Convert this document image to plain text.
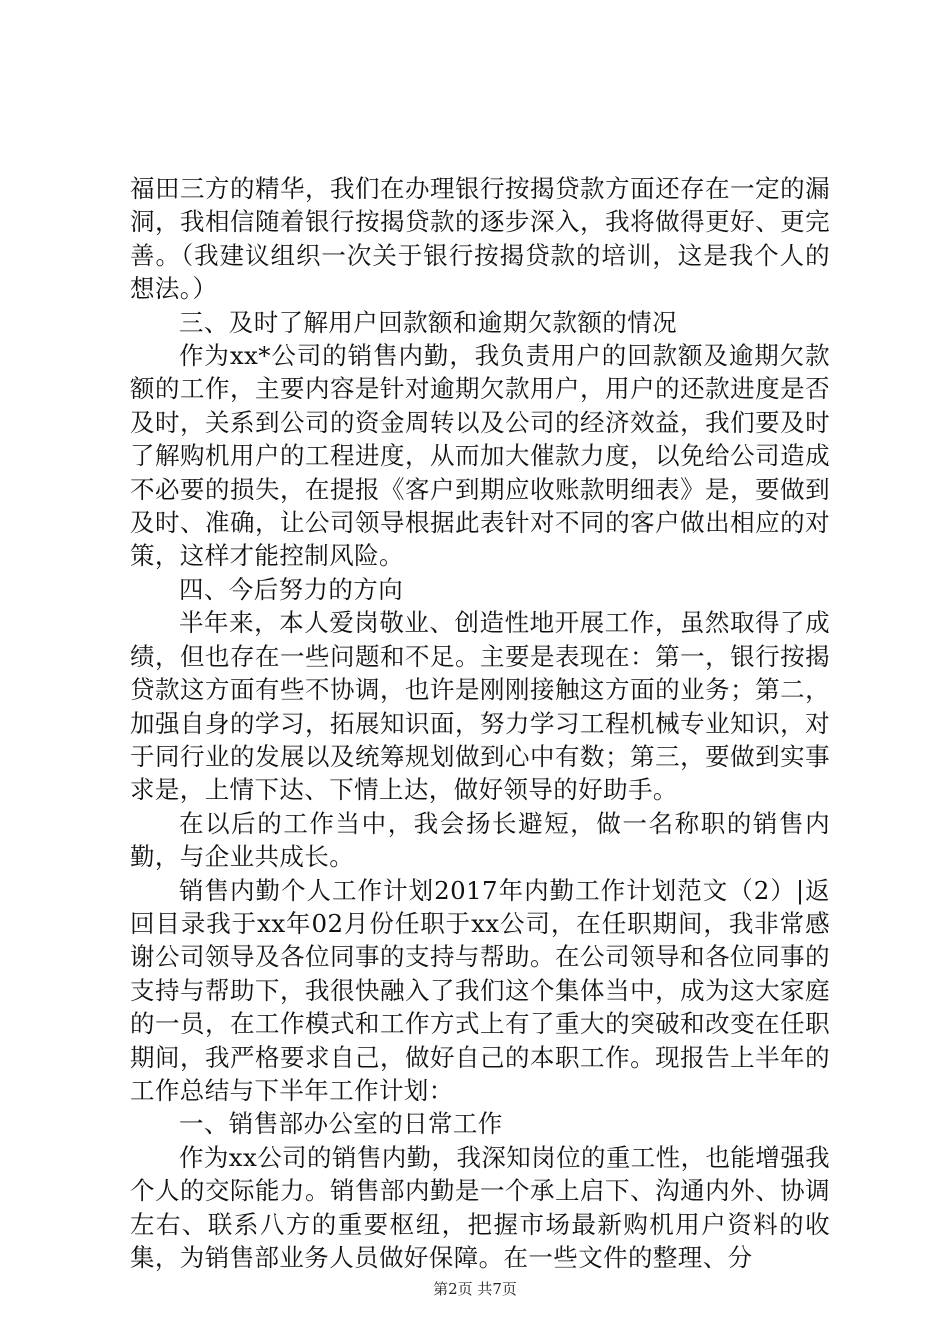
福田三方的精华，我们在办理银行按揭贷款方面还存在一定的漏洞，我相信随着银行按揭贷款的逐步深入，我将做得更好、更完善。（我建议组织一次关于银行按揭贷款的培训，这是我个人的想法。）

三、及时了解用户回款额和逾期欠款额的情况

作为xx*公司的销售内勤，我负责用户的回款额及逾期欠款额的工作，主要内容是针对逾期欠款用户，用户的还款进度是否及时，关系到公司的资金周转以及公司的经济效益，我们要及时了解购机用户的工程进度，从而加大催款力度，以免给公司造成不必要的损失，在提报《客户到期应收账款明细表》是，要做到及时、准确，让公司领导根据此表针对不同的客户做出相应的对策，这样才能控制风险。

四、今后努力的方向

半年来，本人爱岗敬业、创造性地开展工作，虽然取得了成绩，但也存在一些问题和不足。主要是表现在：第一，银行按揭贷款这方面有些不协调，也许是刚刚接触这方面的业务；第二，加强自身的学习，拓展知识面，努力学习工程机械专业知识，对于同行业的发展以及统筹规划做到心中有数；第三，要做到实事求是，上情下达、下情上达，做好领导的好助手。

在以后的工作当中，我会扬长避短，做一名称职的销售内勤，与企业共成长。

销售内勤个人工作计划2017年内勤工作计划范文（2）|返回目录我于xx年02月份任职于xx公司，在任职期间，我非常感谢公司领导及各位同事的支持与帮助。在公司领导和各位同事的支持与帮助下，我很快融入了我们这个集体当中，成为这大家庭的一员，在工作模式和工作方式上有了重大的突破和改变在任职期间，我严格要求自己，做好自己的本职工作。现报告上半年的工作总结与下半年工作计划：

一、销售部办公室的日常工作

作为xx公司的销售内勤，我深知岗位的重工性，也能增强我个人的交际能力。销售部内勤是一个承上启下、沟通内外、协调左右、联系八方的重要枢纽，把握市场最新购机用户资料的收集，为销售部业务人员做好保障。在一些文件的整理、分

第2页 共7页
